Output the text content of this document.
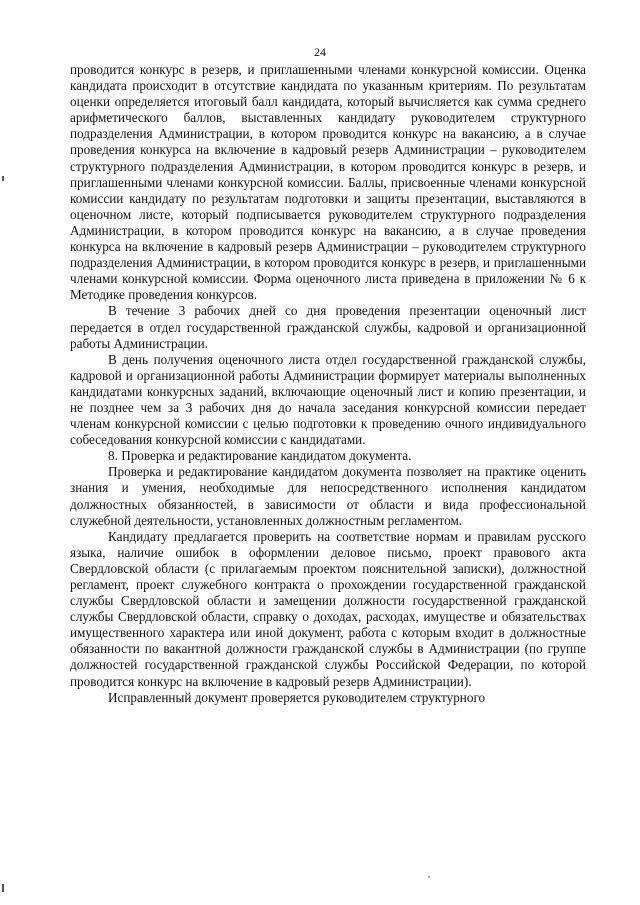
24

проводится конкурс в резерв, и приглашенными членами конкурсной комиссии. Оценка кандидата происходит в отсутствие кандидата по указанным критериям. По результатам оценки определяется итоговый балл кандидата, который вычисляется как сумма среднего арифметического баллов, выставленных кандидату руководителем структурного подразделения Администрации, в котором проводится конкурс на вакансию, а в случае проведения конкурса на включение в кадровый резерв Администрации – руководителем структурного подразделения Администрации, в котором проводится конкурс в резерв, и приглашенными членами конкурсной комиссии. Баллы, присвоенные членами конкурсной комиссии кандидату по результатам подготовки и защиты презентации, выставляются в оценочном листе, который подписывается руководителем структурного подразделения Администрации, в котором проводится конкурс на вакансию, а в случае проведения конкурса на включение в кадровый резерв Администрации – руководителем структурного подразделения Администрации, в котором проводится конкурс в резерв, и приглашенными членами конкурсной комиссии. Форма оценочного листа приведена в приложении № 6 к Методике проведения конкурсов.

В течение 3 рабочих дней со дня проведения презентации оценочный лист передается в отдел государственной гражданской службы, кадровой и организационной работы Администрации.

В день получения оценочного листа отдел государственной гражданской службы, кадровой и организационной работы Администрации формирует материалы выполненных кандидатами конкурсных заданий, включающие оценочный лист и копию презентации, и не позднее чем за 3 рабочих дня до начала заседания конкурсной комиссии передает членам конкурсной комиссии с целью подготовки к проведению очного индивидуального собеседования конкурсной комиссии с кандидатами.

8. Проверка и редактирование кандидатом документа.

Проверка и редактирование кандидатом документа позволяет на практике оценить знания и умения, необходимые для непосредственного исполнения кандидатом должностных обязанностей, в зависимости от области и вида профессиональной служебной деятельности, установленных должностным регламентом.

Кандидату предлагается проверить на соответствие нормам и правилам русского языка, наличие ошибок в оформлении деловое письмо, проект правового акта Свердловской области (с прилагаемым проектом пояснительной записки), должностной регламент, проект служебного контракта о прохождении государственной гражданской службы Свердловской области и замещении должности государственной гражданской службы Свердловской области, справку о доходах, расходах, имуществе и обязательствах имущественного характера или иной документ, работа с которым входит в должностные обязанности по вакантной должности гражданской службы в Администрации (по группе должностей государственной гражданской службы Российской Федерации, по которой проводится конкурс на включение в кадровый резерв Администрации).

Исправленный документ проверяется руководителем структурного
